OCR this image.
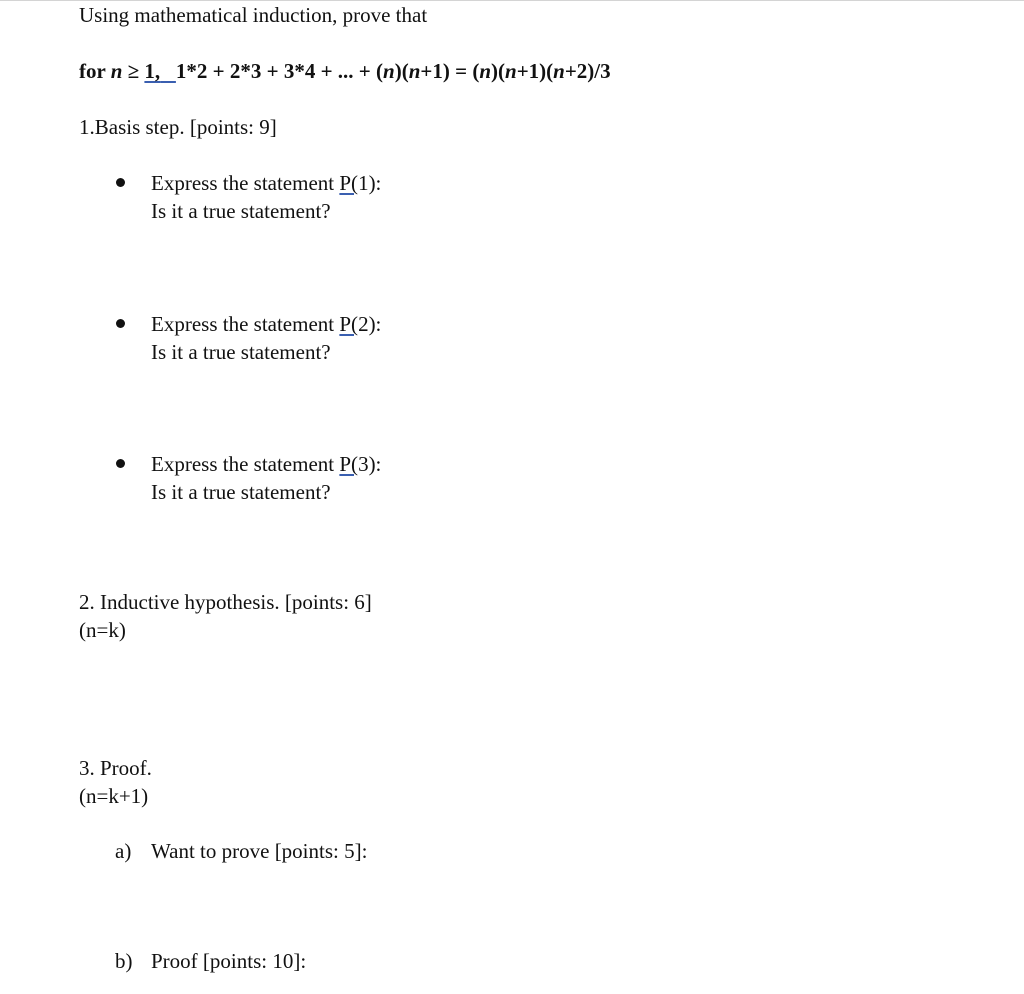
Using mathematical induction, prove that
for n ≥ 1, 1*2 + 2*3 + 3*4 + ... + (n)(n+1) = (n)(n+1)(n+2)/3
1.Basis step. [points: 9]
Express the statement P(1):
Is it a true statement?
Express the statement P(2):
Is it a true statement?
Express the statement P(3):
Is it a true statement?
2. Inductive hypothesis. [points: 6]
(n=k)
3. Proof.
(n=k+1)
a) Want to prove [points: 5]:
b) Proof [points: 10]:
